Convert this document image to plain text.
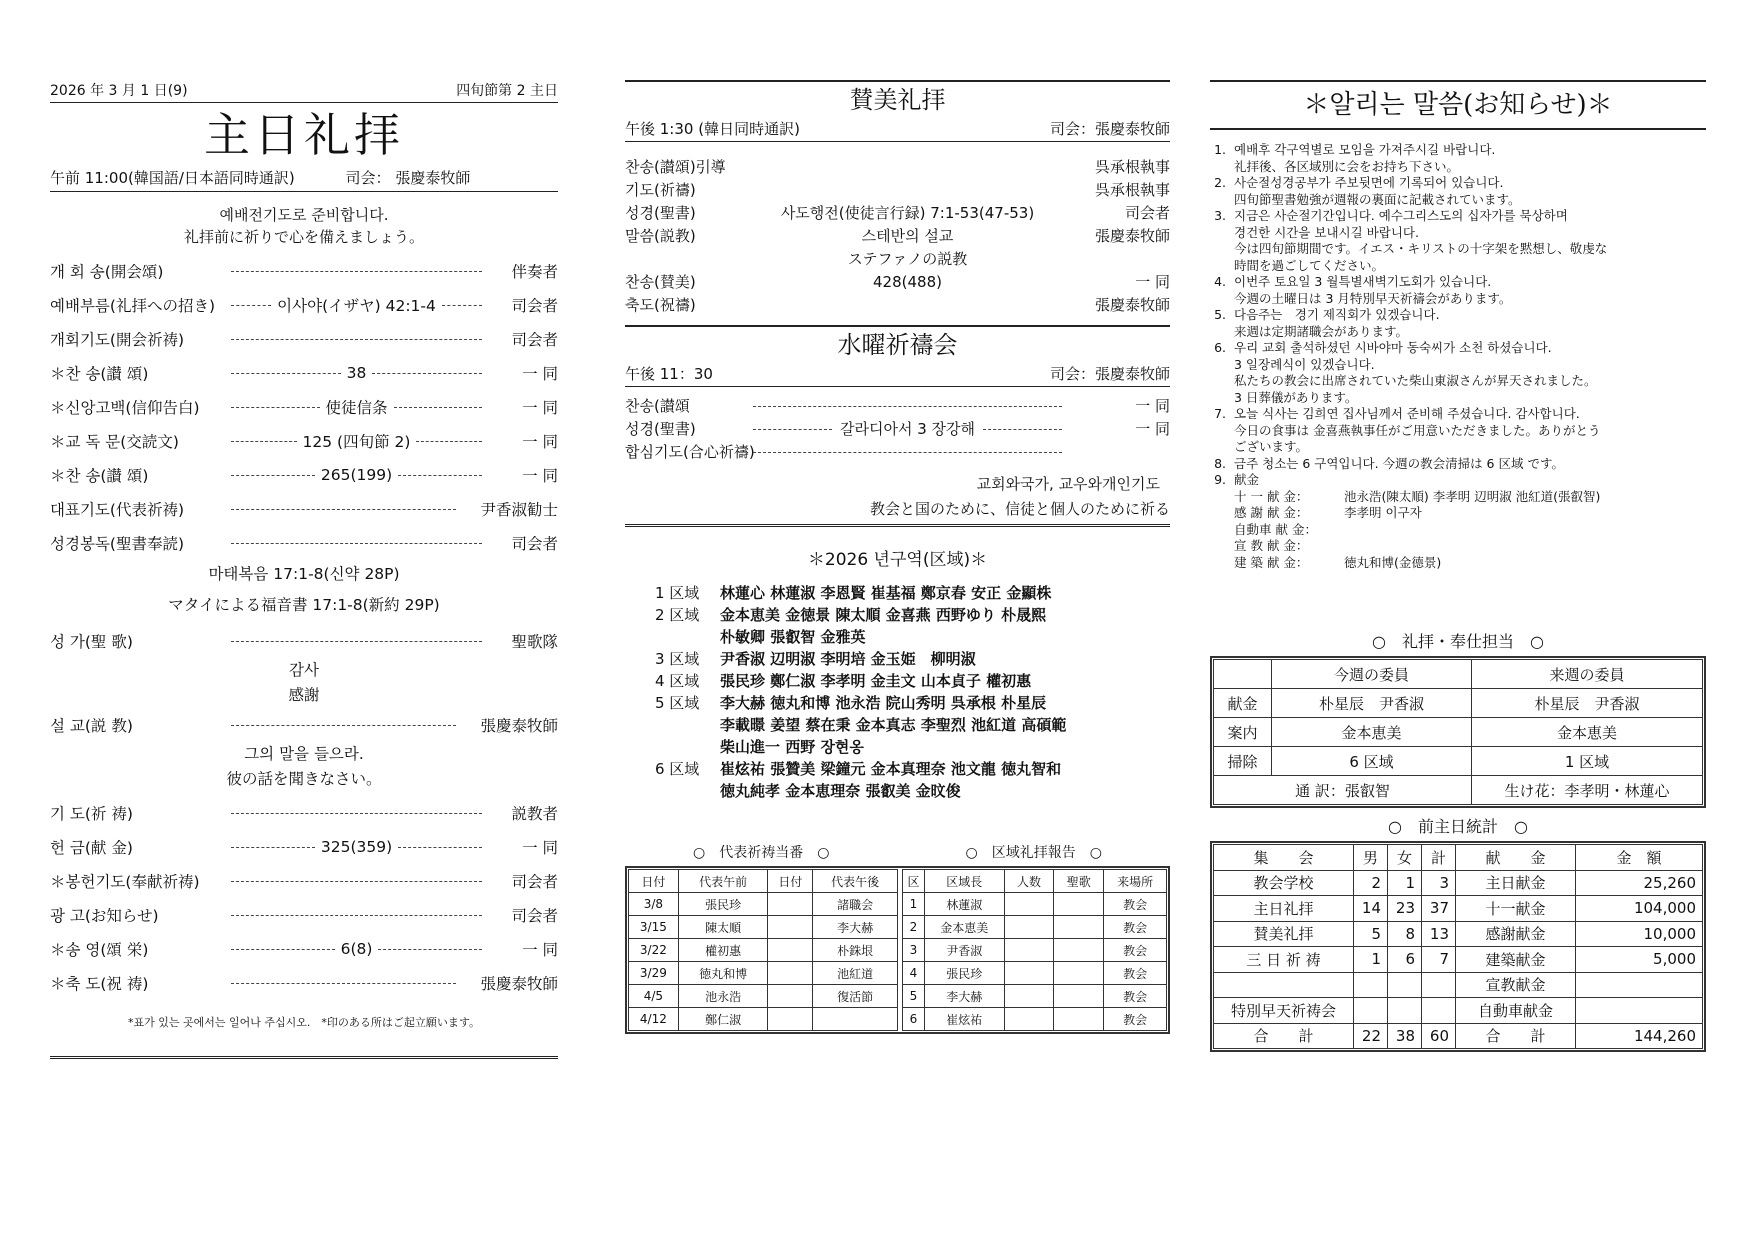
2026 年 3 月 1 日(9)	四旬節第 2 主日
主日礼拝
午前 11:00(韓国語/日本語同時通訳)	司会： 張慶泰牧師
예배전기도로 준비합니다.
礼拝前に祈りで心を備えましょう。
개 회 송(開会頌)	伴奏者
예배부름(礼拝への招き)	이사야(イザヤ) 42:1-4	司会者
개회기도(開会祈祷)	司会者
＊찬 송(讃 頌)	38	一 同
＊신앙고백(信仰告白)	使徒信条	一 同
＊교 독 문(交読文)	125 (四旬節 2)	一 同
＊찬 송(讃 頌)	265(199)	一 同
대표기도(代表祈祷)	尹香淑勧士
성경봉독(聖書奉読)	司会者
마태복음 17:1-8(신약 28P)
マタイによる福音書 17:1-8(新約 29P)
성 가(聖 歌)	聖歌隊
감사
感謝
설 교(説 教)	張慶泰牧師
그의 말을 들으라.
彼の話を聞きなさい。
기 도(祈 祷)	説教者
헌 금(献 金)	325(359)	一 同
＊봉헌기도(奉献祈祷)	司会者
광 고(お知らせ)	司会者
＊송 영(頌 栄)	6(8)	一 同
＊축 도(祝 祷)	張慶泰牧師
*표가 있는 곳에서는 일어나 주십시오.　*印のある所はご起立願います。
賛美礼拝
午後 1:30 (韓日同時通訳)	司会：張慶泰牧師
찬송(讃頌)引導	呉承根執事
기도(祈禱)	呉承根執事
성경(聖書)	사도행전(使徒言行録) 7:1-53(47-53)	司会者
말씀(説教)	스테반의 설교	張慶泰牧師
ステファノの説教
찬송(賛美)	428(488)	一 同
축도(祝禱)	張慶泰牧師
水曜祈禱会
午後 11：30	司会：張慶泰牧師
찬송(讃頌	一 同
성경(聖書)	갈라디아서 3 장강해	一 同
합심기도(合心祈禱)
교회와국가, 교우와개인기도
教会と国のために、信徒と個人のために祈る
＊2026 년구역(区域)＊
1 区域	林蓮心 林蓮淑 李恩賢 崔基福 鄭京春 安正 金顯株
2 区域	金本恵美 金徳景 陳太順 金喜燕 西野ゆり 朴晟熙
朴敏卿 張叡智 金雅英
3 区域	尹香淑 辺明淑 李明培 金玉姫　柳明淑
4 区域	張民珍 鄭仁淑 李孝明 金圭文 山本貞子 權初惠
5 区域	李大赫 徳丸和博 池永浩 院山秀明 呉承根 朴星辰
李載暻 姜望 蔡在秉 金本真志 李聖烈 池紅道 高碩範
柴山進一 西野 장현옹
6 区域	崔炫祐 張贊美 梁鐘元 金本真理奈 池文龍 徳丸智和
徳丸純孝 金本恵理奈 張叡美 金旼俊
○　代表祈祷当番　○	○　区域礼拝報告　○
日付	代表午前	日付	代表午後
3/8	張民珍		諸職会
3/15	陳太順		李大赫
3/22	權初惠		朴銖垠
3/29	徳丸和博		池紅道
4/5	池永浩		復活節
4/12	鄭仁淑		
区	区域長	人数	聖歌	来場所
1	林蓮淑			教会
2	金本恵美			教会
3	尹香淑			教会
4	張民珍			教会
5	李大赫			教会
6	崔炫祐			教会
＊알리는 말씀(お知らせ)＊
1. 예배후 각구역별로 모임을 가져주시길 바랍니다.
礼拝後、各区域別に会をお持ち下さい。
2. 사순절성경공부가 주보뒷면에 기록되어 있습니다.
四旬節聖書勉強が週報の裏面に記載されています。
3. 지금은 사순절기간입니다. 예수그리스도의 십자가를 묵상하며
경건한 시간을 보내시길 바랍니다.
今は四旬節期間です。イエス・キリストの十字架を黙想し、敬虔な
時間を過ごしてください。
4. 이번주 토요일 3 월특별새벽기도회가 있습니다.
今週の土曜日は 3 月特別早天祈禱会があります。
5. 다음주는　경기 제직회가 있겠습니다.
来週は定期諸職会があります。
6. 우리 교회 출석하셨던 시바야마 동숙씨가 소천 하셨습니다.
3 일장례식이 있겠습니다.
私たちの教会に出席されていた柴山東淑さんが昇天されました。
3 日葬儀があります。
7. 오늘 식사는 김희연 집사님께서 준비해 주셨습니다. 감사합니다.
今日の食事は 金喜燕執事任がご用意いただきました。ありがとう
ございます。
8. 금주 청소는 6 구역입니다. 今週の教会清掃は 6 区域 です。
9. 献金
十 一 献 金：	池永浩(陳太順) 李孝明 辺明淑 池紅道(張叡智)
感 謝 献 金：	李孝明 이구자
自動車 献 金：
宣 教 献 金：
建 築 献 金：	徳丸和博(金德景)
○　礼拝・奉仕担当　○
	今週の委員	来週の委員
献金	朴星辰　尹香淑	朴星辰　尹香淑
案内	金本恵美	金本恵美
掃除	6 区域	1 区域
通 訳：張叡智		生け花：李孝明・林蓮心
○　前主日統計　○
集　　会	男	女	計	献　　金	金　額
教会学校	2	1	3	主日献金	25,260
主日礼拝	14	23	37	十一献金	104,000
賛美礼拝	5	8	13	感謝献金	10,000
三 日 祈 祷	1	6	7	建築献金	5,000
				宣教献金	
特別早天祈祷会				自動車献金	
合　　計	22	38	60	合　　計	144,260
